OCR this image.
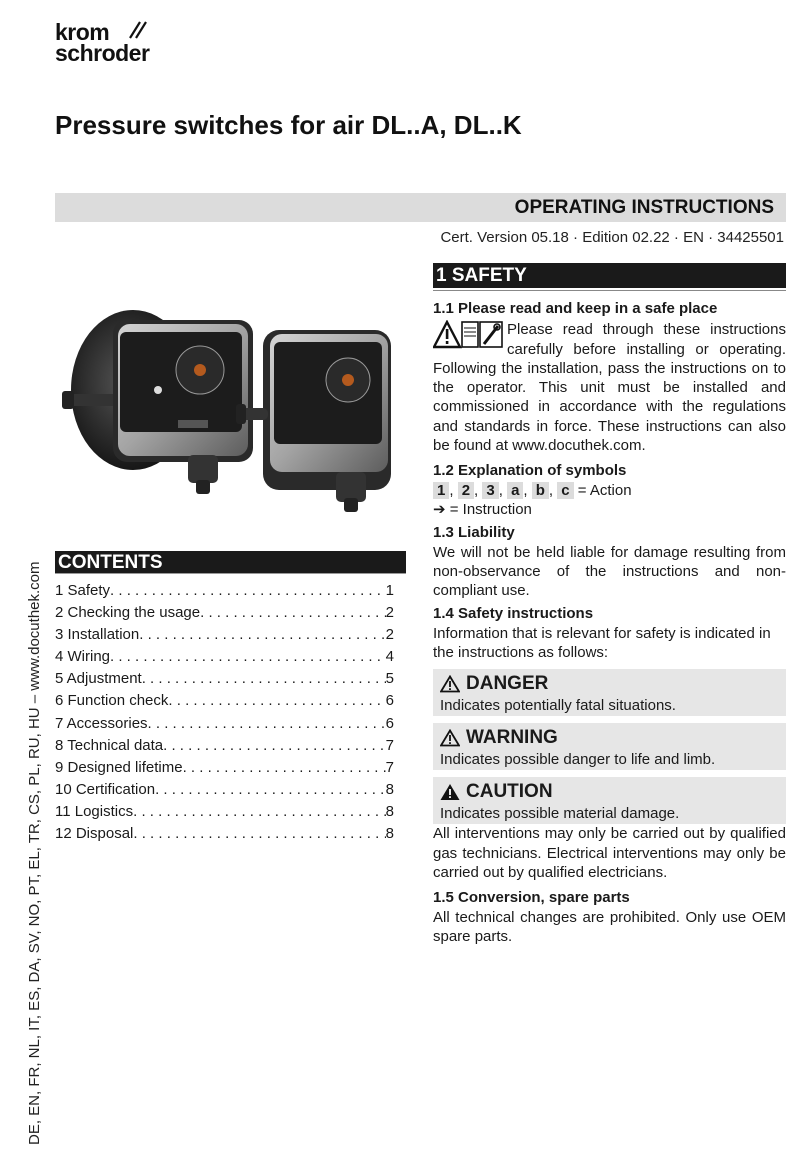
krom
schroder
Pressure switches for air DL..A, DL..K
OPERATING INSTRUCTIONS
Cert. Version 05.18 · Edition 02.22 · EN · 34425501
DE, EN, FR, NL, IT, ES, DA, SV, NO, PT, EL, TR, CS, PL, RU, HU – www.docuthek.com CONTENTS
1 Safety . . .	1
2 Checking the usage . . .	2
3 Installation . . .	2
4 Wiring . . .	4
5 Adjustment . . .	5
6 Function check . . .	6
7 Accessories . . .	6
8 Technical data . . .	7
9 Designed lifetime . . .	7
10 Certification . . .	8
11 Logistics . . .	8
12 Disposal . . .	8
1 SAFETY

1.1 Please read and keep in a safe place

Please read through these instructions carefully before installing or operating. Following the installation, pass the instructions on to the operator. This unit must be installed and commissioned in accordance with the regulations and standards in force. These instructions can also be found at www.docuthek.com.

1.2 Explanation of symbols

1 , 2 , 3 , a , b , c = Action

➔ = Instruction

1.3 Liability

We will not be held liable for damage resulting from non-observance of the instructions and non-compliant use.

1.4 Safety instructions

Information that is relevant for safety is indicated in the instructions as follows:

DANGER

Indicates potentially fatal situations.

WARNING

Indicates possible danger to life and limb.

CAUTION

Indicates possible material damage.

All interventions may only be carried out by qualified gas technicians. Electrical interventions may only be carried out by qualified electricians.

1.5 Conversion, spare parts

All technical changes are prohibited. Only use OEM spare parts.
